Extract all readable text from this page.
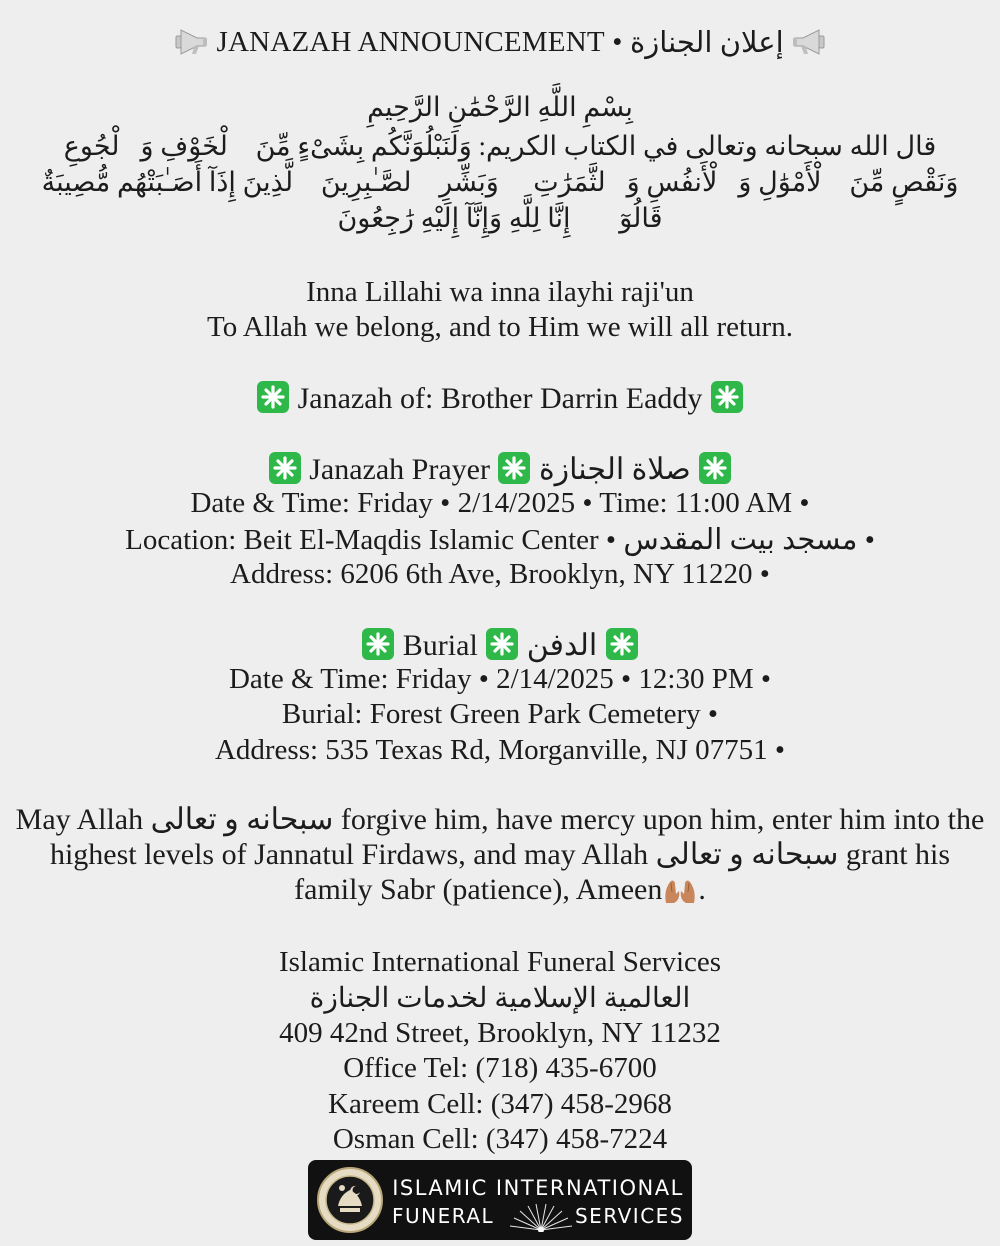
JANAZAH ANNOUNCEMENT • إعلان الجنازة
بِسْمِ اللَّهِ الرَّحْمَٰنِ الرَّحِيمِ
قال الله سبحانه وتعالى في الكتاب الكريم: وَلَنَبْلُوَنَّكُم بِشَىْءٍ مِّنَ ٱلْخَوْفِ وَٱلْجُوعِ وَنَقْصٍ مِّنَ ٱلْأَمْوَٰلِ وَٱلْأَنفُسِ وَٱلثَّمَرَٰتِ ۗ وَبَشِّرِ ٱلصَّـٰبِرِينَ ٱلَّذِينَ إِذَآ أَصَـٰبَتْهُم مُّصِيبَةٌ قَالُوٓا۟ إِنَّا لِلَّهِ وَإِنَّآ إِلَيْهِ رَٰجِعُونَ
Inna Lillahi wa inna ilayhi raji'un
To Allah we belong, and to Him we will all return.
Janazah of: Brother Darrin Eaddy
Janazah Prayer صلاة الجنازة
Date & Time: Friday • 2/14/2025 • Time: 11:00 AM •
Location: Beit El-Maqdis Islamic Center • مسجد بيت المقدس •
Address: 6206 6th Ave, Brooklyn, NY 11220 •
Burial الدفن
Date & Time: Friday • 2/14/2025 • 12:30 PM •
Burial: Forest Green Park Cemetery •
Address: 535 Texas Rd, Morganville, NJ 07751 •
May Allah سبحانه و تعالى forgive him, have mercy upon him, enter him into the highest levels of Jannatul Firdaws, and may Allah سبحانه و تعالى grant his family Sabr (patience), Ameen .
Islamic International Funeral Services
العالمية الإسلامية لخدمات الجنازة
409 42nd Street, Brooklyn, NY 11232
Office Tel: (718) 435-6700
Kareem Cell: (347) 458-2968
Osman Cell: (347) 458-7224
ISLAMIC INTERNATIONAL
FUNERAL	SERVICES
